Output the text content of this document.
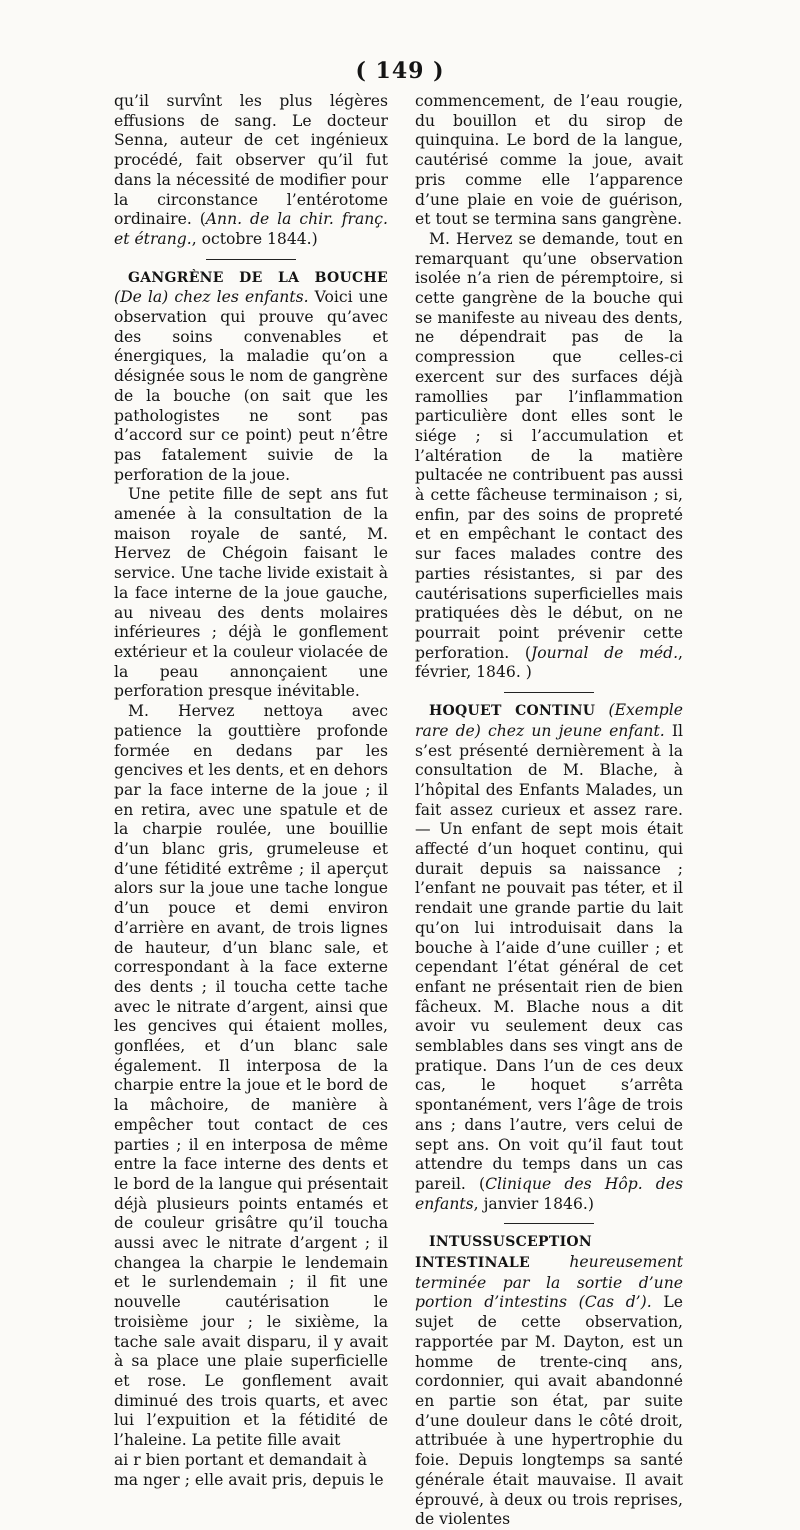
( 149 )

qu’il survînt les plus légères effusions de sang. Le docteur Senna, auteur de cet ingénieux procédé, fait observer qu’il fut dans la nécessité de modifier pour la circonstance l’entérotome ordinaire. (Ann. de la chir. franç. et étrang., octobre 1844.)

GANGRÈNE DE LA BOUCHE (De la) chez les enfants. Voici une observation qui prouve qu’avec des soins convenables et énergiques, la maladie qu’on a désignée sous le nom de gangrène de la bouche (on sait que les pathologistes ne sont pas d’accord sur ce point) peut n’être pas fatalement suivie de la perforation de la joue.

Une petite fille de sept ans fut amenée à la consultation de la maison royale de santé, M. Hervez de Chégoin faisant le service. Une tache livide existait à la face interne de la joue gauche, au niveau des dents molaires inférieures ; déjà le gonflement extérieur et la couleur violacée de la peau annonçaient une perforation presque inévitable.

M. Hervez nettoya avec patience la gouttière profonde formée en dedans par les gencives et les dents, et en dehors par la face interne de la joue ; il en retira, avec une spatule et de la charpie roulée, une bouillie d’un blanc gris, grumeleuse et d’une fétidité extrême ; il aperçut alors sur la joue une tache longue d’un pouce et demi environ d’arrière en avant, de trois lignes de hauteur, d’un blanc sale, et correspondant à la face externe des dents ; il toucha cette tache avec le nitrate d’argent, ainsi que les gencives qui étaient molles, gonflées, et d’un blanc sale également. Il interposa de la charpie entre la joue et le bord de la mâchoire, de manière à empêcher tout contact de ces parties ; il en interposa de même entre la face interne des dents et le bord de la langue qui présentait déjà plusieurs points entamés et de couleur grisâtre qu’il toucha aussi avec le nitrate d’argent ; il changea la charpie le lendemain et le surlendemain ; il fit une nouvelle cautérisation le troisième jour ; le sixième, la tache sale avait disparu, il y avait à sa place une plaie superficielle et rose. Le gonflement avait diminué des trois quarts, et avec lui l’expuition et la fétidité de l’haleine. La petite fille avait

ai r bien portant et demandait à
ma nger ; elle avait pris, depuis le

commencement, de l’eau rougie, du bouillon et du sirop de quinquina. Le bord de la langue, cautérisé comme la joue, avait pris comme elle l’apparence d’une plaie en voie de guérison, et tout se termina sans gangrène.

M. Hervez se demande, tout en remarquant qu’une observation isolée n’a rien de péremptoire, si cette gangrène de la bouche qui se manifeste au niveau des dents, ne dépendrait pas de la compression que celles-ci exercent sur des surfaces déjà ramollies par l’inflammation particulière dont elles sont le siége ; si l’accumulation et l’altération de la matière pultacée ne contribuent pas aussi à cette fâcheuse terminaison ; si, enfin, par des soins de propreté et en empêchant le contact des sur faces malades contre des parties résistantes, si par des cautérisations superficielles mais pratiquées dès le début, on ne pourrait point prévenir cette perforation. (Journal de méd., février, 1846. )

HOQUET CONTINU (Exemple rare de) chez un jeune enfant. Il s’est présenté dernièrement à la consultation de M. Blache, à l’hôpital des Enfants Malades, un fait assez curieux et assez rare. — Un enfant de sept mois était affecté d’un hoquet continu, qui durait depuis sa naissance ; l’enfant ne pouvait pas téter, et il rendait une grande partie du lait qu’on lui introduisait dans la bouche à l’aide d’une cuiller ; et cependant l’état général de cet enfant ne présentait rien de bien fâcheux. M. Blache nous a dit avoir vu seulement deux cas semblables dans ses vingt ans de pratique. Dans l’un de ces deux cas, le hoquet s’arrêta spontanément, vers l’âge de trois ans ; dans l’autre, vers celui de sept ans. On voit qu’il faut tout attendre du temps dans un cas pareil. (Clinique des Hôp. des enfants, janvier 1846.)

INTUSSUSCEPTION INTESTINALE	heureusement terminée par la sortie d’une portion d’intestins (Cas d’). Le sujet de cette observation, rapportée par M. Dayton, est un homme de trente-cinq ans, cordonnier, qui avait abandonné en partie son état, par suite d’une douleur dans le côté droit, attribuée à une hypertrophie du foie. Depuis longtemps sa santé générale était mauvaise. Il avait éprouvé, à deux ou trois reprises, de violentes
